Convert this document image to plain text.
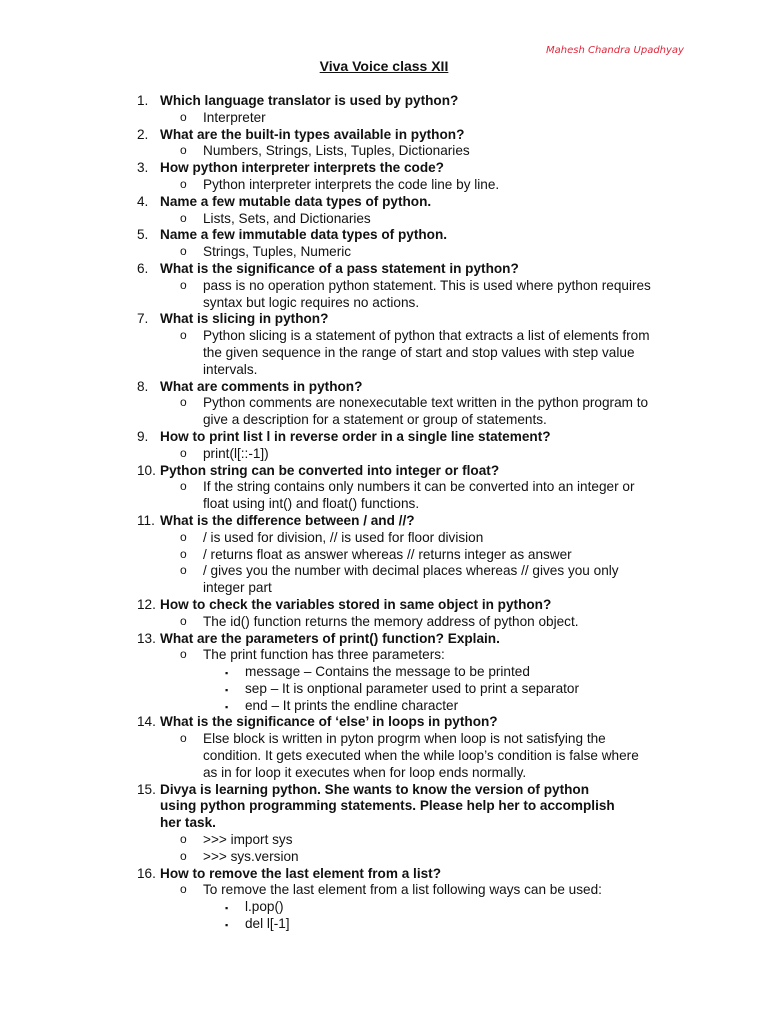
Mahesh Chandra Upadhyay
Viva Voice class XII
1. Which language translator is used by python?
o Interpreter
2. What are the built-in types available in python?
o Numbers, Strings, Lists, Tuples, Dictionaries
3. How python interpreter interprets the code?
o Python interpreter interprets the code line by line.
4. Name a few mutable data types of python.
o Lists, Sets, and Dictionaries
5. Name a few immutable data types of python.
o Strings, Tuples, Numeric
6. What is the significance of a pass statement in python?
o pass is no operation python statement. This is used where python requires syntax but logic requires no actions.
7. What is slicing in python?
o Python slicing is a statement of python that extracts a list of elements from the given sequence in the range of start and stop values with step value intervals.
8. What are comments in python?
o Python comments are nonexecutable text written in the python program to give a description for a statement or group of statements.
9. How to print list l in reverse order in a single line statement?
o print(l[::-1])
10. Python string can be converted into integer or float?
o If the string contains only numbers it can be converted into an integer or float using int() and float() functions.
11. What is the difference between / and //?
o / is used for division, // is used for floor division
o / returns float as answer whereas // returns integer as answer
o / gives you the number with decimal places whereas // gives you only integer part
12. How to check the variables stored in same object in python?
o The id() function returns the memory address of python object.
13. What are the parameters of print() function? Explain.
o The print function has three parameters:
▪ message – Contains the message to be printed
▪ sep – It is onptional parameter used to print a separator
▪ end – It prints the endline character
14. What is the significance of ‘else’ in loops in python?
o Else block is written in pyton progrm when loop is not satisfying the condition. It gets executed when the while loop’s condition is false where as in for loop it executes when for loop ends normally.
15. Divya is learning python. She wants to know the version of python using python programming statements. Please help her to accomplish her task.
o >>> import sys
o >>> sys.version
16. How to remove the last element from a list?
o To remove the last element from a list following ways can be used:
▪ l.pop()
▪ del l[-1]
